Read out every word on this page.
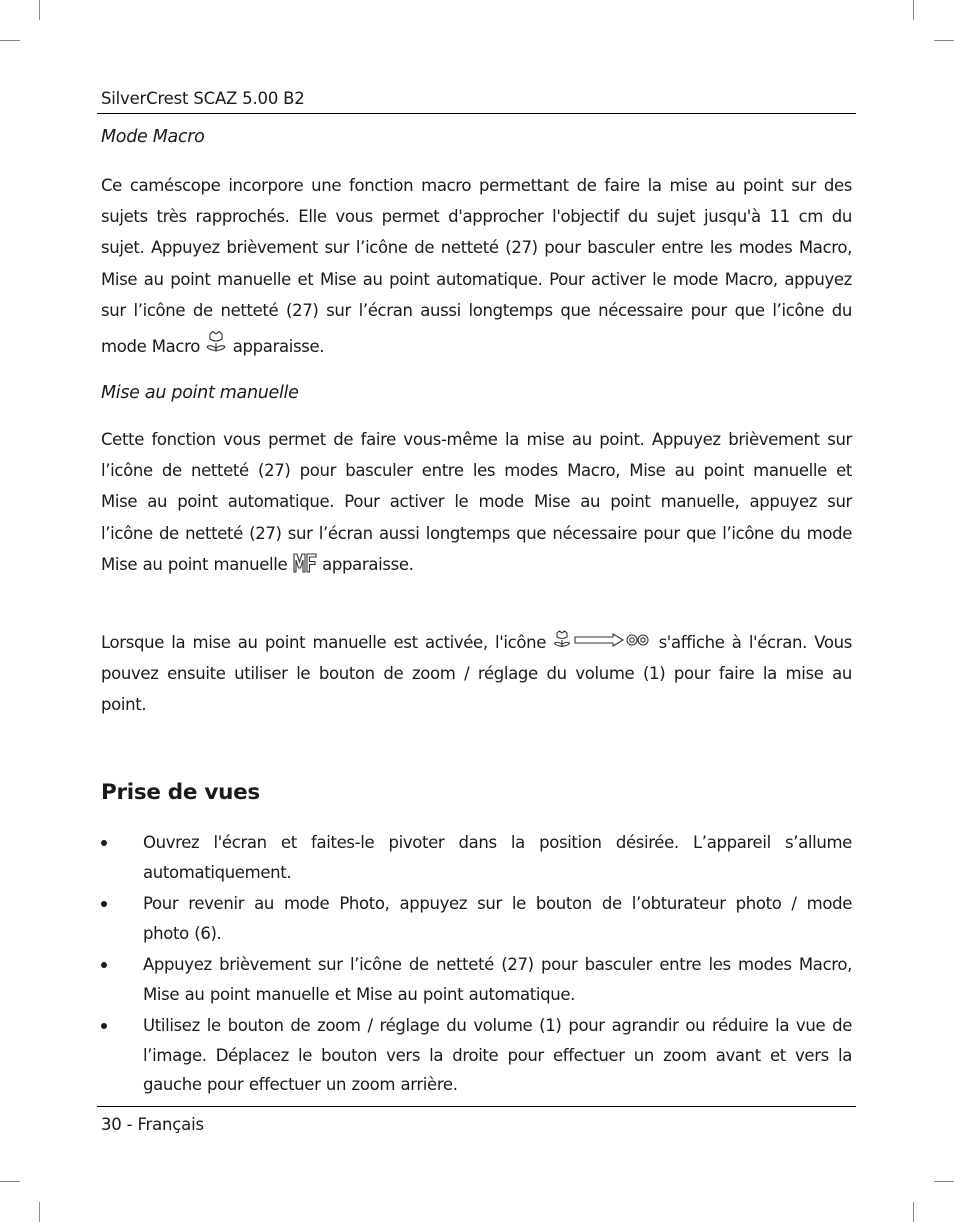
SilverCrest SCAZ 5.00 B2
Mode Macro
Ce caméscope incorpore une fonction macro permettant de faire la mise au point sur des
sujets très rapprochés. Elle vous permet d'approcher l'objectif du sujet jusqu'à 11 cm du
sujet. Appuyez brièvement sur l’icône de netteté (27) pour basculer entre les modes Macro,
Mise au point manuelle et Mise au point automatique. Pour activer le mode Macro, appuyez
sur l’icône de netteté (27) sur l’écran aussi longtemps que nécessaire pour que l’icône du
mode Macro apparaisse.
Mise au point manuelle
Cette fonction vous permet de faire vous-même la mise au point. Appuyez brièvement sur
l’icône de netteté (27) pour basculer entre les modes Macro, Mise au point manuelle et
Mise au point automatique. Pour activer le mode Mise au point manuelle, appuyez sur
l’icône de netteté (27) sur l’écran aussi longtemps que nécessaire pour que l’icône du mode
Mise au point manuelle apparaisse.
Lorsque la mise au point manuelle est activée, l'icône	s'affiche à l'écran. Vous
pouvez ensuite utiliser le bouton de zoom / réglage du volume (1) pour faire la mise au
point.
Prise de vues
Ouvrez l'écran et faites-le pivoter dans la position désirée. L’appareil s’allume
automatiquement.
Pour revenir au mode Photo, appuyez sur le bouton de l’obturateur photo / mode
photo (6).
Appuyez brièvement sur l’icône de netteté (27) pour basculer entre les modes Macro,
Mise au point manuelle et Mise au point automatique.
Utilisez le bouton de zoom / réglage du volume (1) pour agrandir ou réduire la vue de
l’image. Déplacez le bouton vers la droite pour effectuer un zoom avant et vers la
gauche pour effectuer un zoom arrière.
30 - Français
